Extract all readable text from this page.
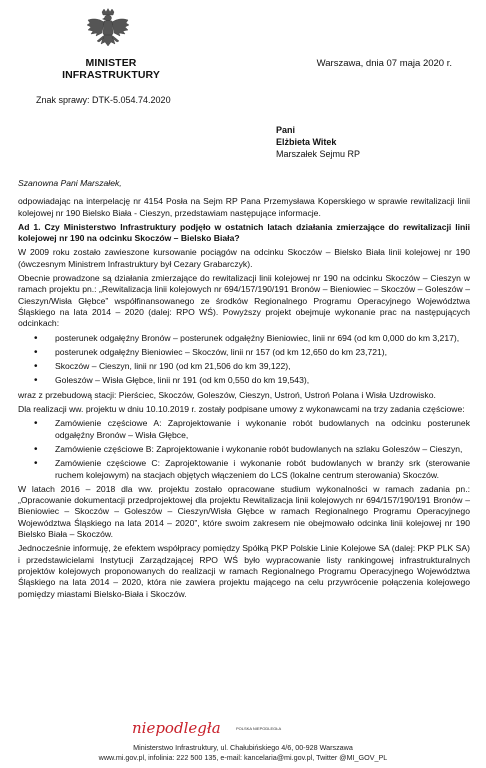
MINISTER INFRASTRUKTURY
Warszawa, dnia 07 maja 2020 r.
Znak sprawy: DTK-5.054.74.2020
Pani
Elżbieta Witek
Marszałek Sejmu RP

Szanowna Pani Marszałek,

odpowiadając na interpelację nr 4154 Posła na Sejm RP Pana Przemysława Koperskiego w sprawie rewitalizacji linii kolejowej nr 190 Bielsko Biała - Cieszyn, przedstawiam następujące informacje.

Ad 1. Czy Ministerstwo Infrastruktury podjęło w ostatnich latach działania zmierzające do rewitalizacji linii kolejowej nr 190 na odcinku Skoczów – Bielsko Biała?

W 2009 roku zostało zawieszone kursowanie pociągów na odcinku Skoczów – Bielsko Biała linii kolejowej nr 190 (ówczesnym Ministrem Infrastruktury był Cezary Grabarczyk).

Obecnie prowadzone są działania zmierzające do rewitalizacji linii kolejowej nr 190 na odcinku Skoczów – Cieszyn w ramach projektu pn.: „Rewitalizacja linii kolejowych nr 694/157/190/191 Bronów – Bieniowiec – Skoczów – Goleszów – Cieszyn/Wisła Głębce” współfinansowanego ze środków Regionalnego Programu Operacyjnego Województwa Śląskiego na lata 2014 – 2020 (dalej: RPO WŚ). Powyższy projekt obejmuje wykonanie prac na następujących odcinkach:

• posterunek odgałęźny Bronów – posterunek odgałęźny Bieniowiec, linii nr 694 (od km 0,000 do km 3,217),
• posterunek odgałęźny Bieniowiec – Skoczów, linii nr 157 (od km 12,650 do km 23,721),
• Skoczów – Cieszyn, linii nr 190 (od km 21,506 do km 39,122),
• Goleszów – Wisła Głębce, linii nr 191 (od km 0,550 do km 19,543),

wraz z przebudową stacji: Pierściec, Skoczów, Goleszów, Cieszyn, Ustroń, Ustroń Polana i Wisła Uzdrowisko.

Dla realizacji ww. projektu w dniu 10.10.2019 r. zostały podpisane umowy z wykonawcami na trzy zadania częściowe:

• Zamówienie częściowe A: Zaprojektowanie i wykonanie robót budowlanych na odcinku posterunek odgałęźny Bronów – Wisła Głębce,
• Zamówienie częściowe B: Zaprojektowanie i wykonanie robót budowlanych na szlaku Goleszów – Cieszyn,
• Zamówienie częściowe C: Zaprojektowanie i wykonanie robót budowlanych w branży srk (sterowanie ruchem kolejowym) na stacjach objętych włączeniem do LCS (lokalne centrum sterowania) Skoczów.

W latach 2016 – 2018 dla ww. projektu zostało opracowane studium wykonalności w ramach zadania pn.: „Opracowanie dokumentacji przedprojektowej dla projektu Rewitalizacja linii kolejowych nr 694/157/190/191 Bronów – Bieniowiec – Skoczów – Goleszów – Cieszyn/Wisła Głębce w ramach Regionalnego Programu Operacyjnego Województwa Śląskiego na lata 2014 – 2020”, które swoim zakresem nie obejmowało odcinka linii kolejowej nr 190 Bielsko Biała – Skoczów.

Jednocześnie informuję, że efektem współpracy pomiędzy Spółką PKP Polskie Linie Kolejowe SA (dalej: PKP PLK SA) i przedstawicielami Instytucji Zarządzającej RPO WŚ było wypracowanie listy rankingowej infrastrukturalnych projektów kolejowych proponowanych do realizacji w ramach Regionalnego Programu Operacyjnego Województwa Śląskiego na lata 2014 – 2020, która nie zawiera projektu mającego na celu przywrócenie połączenia kolejowego pomiędzy miastami Bielsko-Biała i Skoczów.

niepodległa	POLSKA NIEPODLEGŁA
Ministerstwo Infrastruktury, ul. Chałubińskiego 4/6, 00-928 Warszawa
www.mi.gov.pl, infolinia: 222 500 135, e-mail: kancelaria@mi.gov.pl, Twitter @MI_GOV_PL
